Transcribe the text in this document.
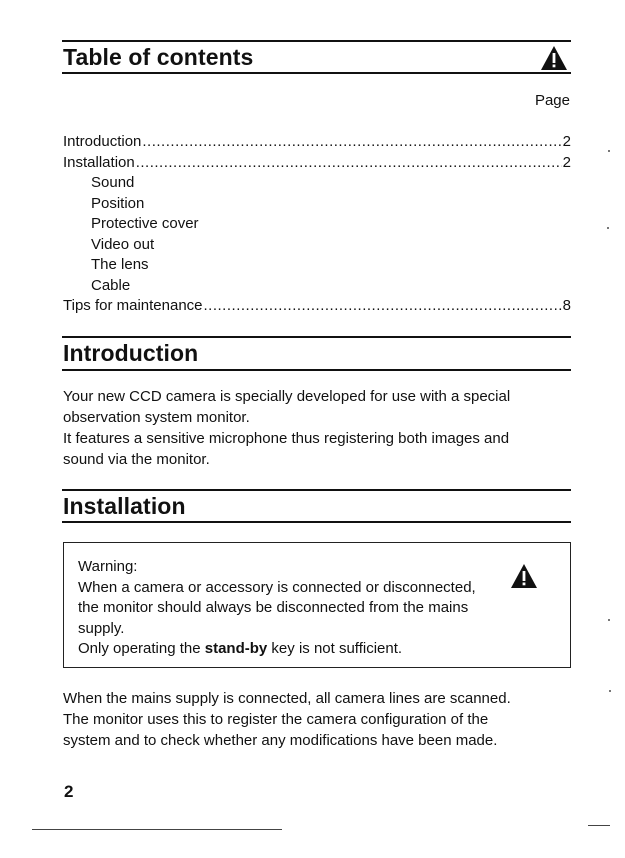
Table of contents
Page
Introduction .....	2
Installation .....	2
Sound
Position
Protective cover
Video out
The lens
Cable
Tips for maintenance .....	8
Introduction

Your new CCD camera is specially developed for use with a special

observation system monitor.

It features a sensitive microphone thus registering both images and

sound via the monitor.

Installation

Warning:

When a camera or accessory is connected or disconnected,

the monitor should always be disconnected from the mains

supply.

Only operating the stand-by key is not sufficient.

When the mains supply is connected, all camera lines are scanned.

The monitor uses this to register the camera configuration of the

system and to check whether any modifications have been made.

2
